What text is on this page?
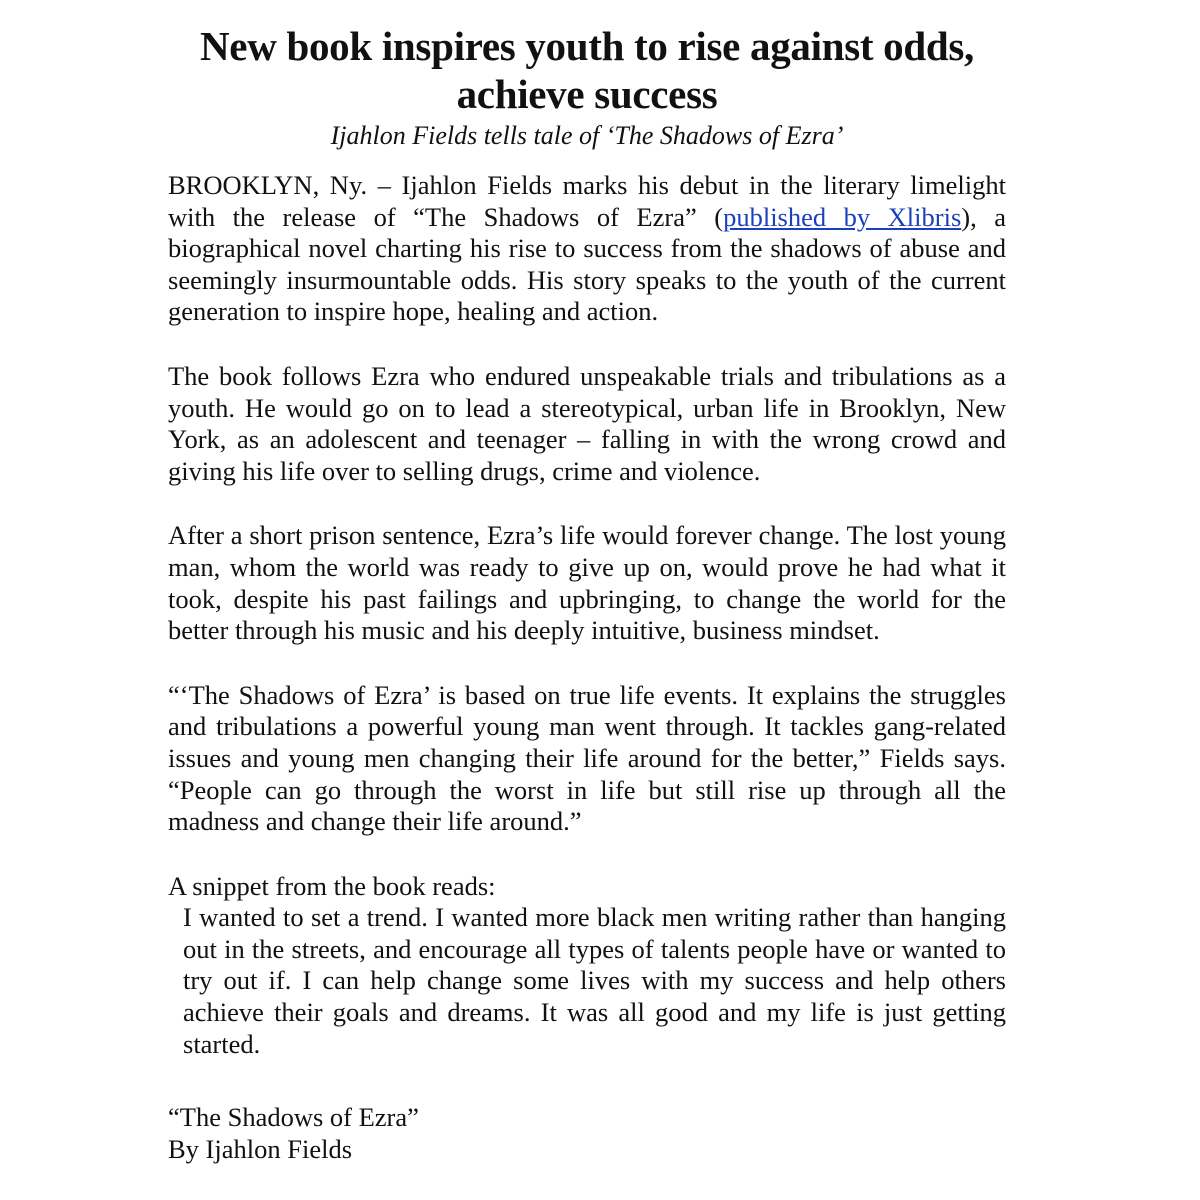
New book inspires youth to rise against odds, achieve success
Ijahlon Fields tells tale of ‘The Shadows of Ezra’

BROOKLYN, Ny. – Ijahlon Fields marks his debut in the literary limelight with the release of “The Shadows of Ezra” (published by Xlibris), a biographical novel charting his rise to success from the shadows of abuse and seemingly insurmountable odds. His story speaks to the youth of the current generation to inspire hope, healing and action.

The book follows Ezra who endured unspeakable trials and tribulations as a youth. He would go on to lead a stereotypical, urban life in Brooklyn, New York, as an adolescent and teenager – falling in with the wrong crowd and giving his life over to selling drugs, crime and violence.

After a short prison sentence, Ezra’s life would forever change. The lost young man, whom the world was ready to give up on, would prove he had what it took, despite his past failings and upbringing, to change the world for the better through his music and his deeply intuitive, business mindset.

“‘The Shadows of Ezra’ is based on true life events. It explains the struggles and tribulations a powerful young man went through. It tackles gang-related issues and young men changing their life around for the better,” Fields says. “People can go through the worst in life but still rise up through all the madness and change their life around.”

A snippet from the book reads:

I wanted to set a trend. I wanted more black men writing rather than hanging out in the streets, and encourage all types of talents people have or wanted to try out if. I can help change some lives with my success and help others achieve their goals and dreams. It was all good and my life is just getting started.

“The Shadows of Ezra”
By Ijahlon Fields
